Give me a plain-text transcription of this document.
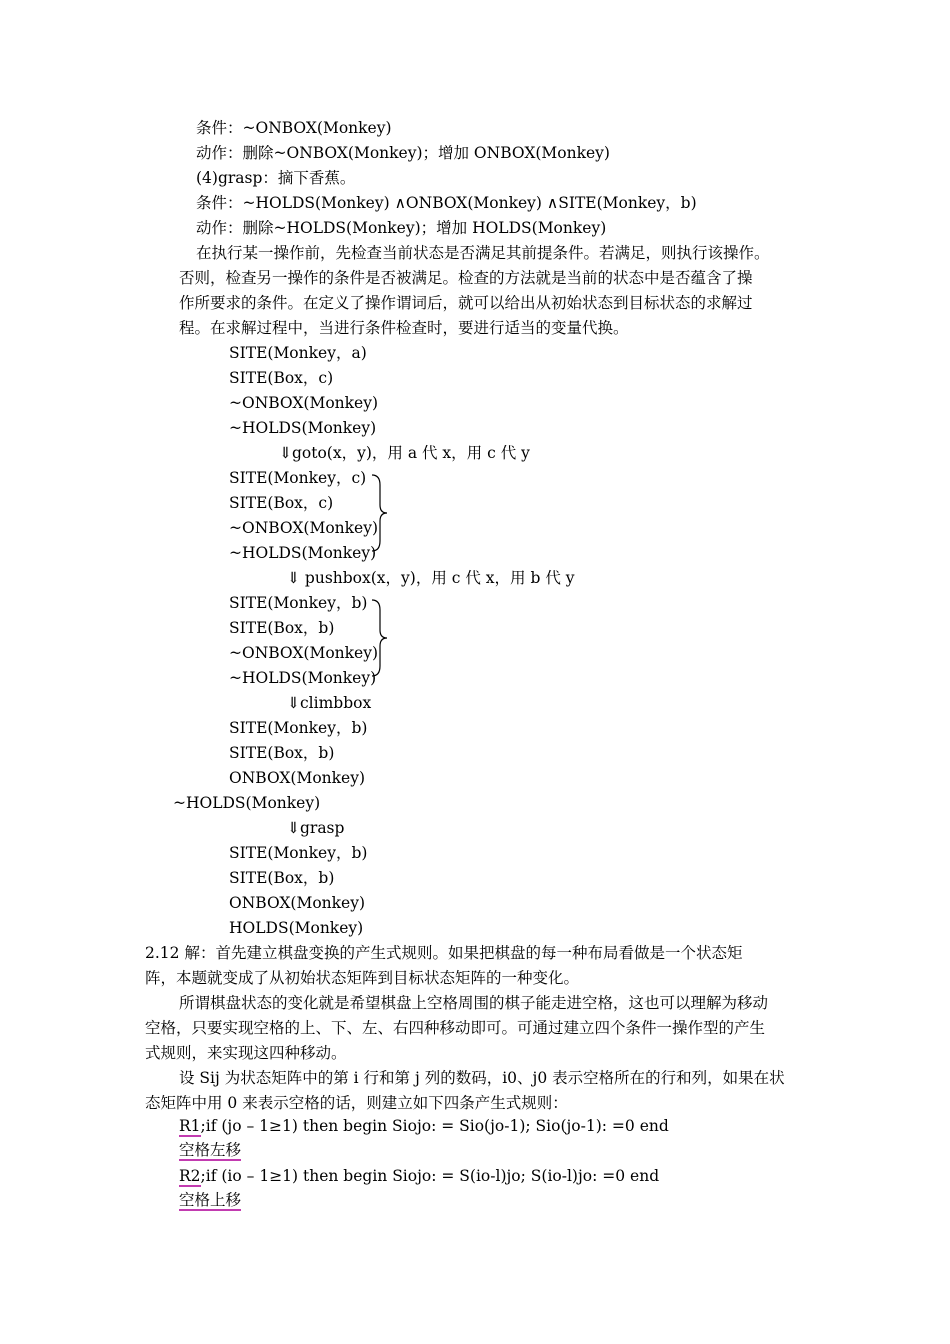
条件：~ONBOX(Monkey)
动作：删除~ONBOX(Monkey)；增加 ONBOX(Monkey)
(4)grasp：摘下香蕉。
条件：~HOLDS(Monkey) ∧ONBOX(Monkey) ∧SITE(Monkey，b)
动作：删除~HOLDS(Monkey)；增加 HOLDS(Monkey)
在执行某一操作前，先检查当前状态是否满足其前提条件。若满足，则执行该操作。
否则，检查另一操作的条件是否被满足。检查的方法就是当前的状态中是否蕴含了操
作所要求的条件。在定义了操作谓词后，就可以给出从初始状态到目标状态的求解过
程。在求解过程中，当进行条件检查时，要进行适当的变量代换。
SITE(Monkey，a)
SITE(Box，c)
~ONBOX(Monkey)
~HOLDS(Monkey)
⇓goto(x，y)，用 a 代 x，用 c 代 y
SITE(Monkey，c)
SITE(Box，c)
~ONBOX(Monkey)
~HOLDS(Monkey)
⇓ pushbox(x，y)，用 c 代 x，用 b 代 y
SITE(Monkey，b)
SITE(Box，b)
~ONBOX(Monkey)
~HOLDS(Monkey)
⇓climbbox
SITE(Monkey，b)
SITE(Box，b)
ONBOX(Monkey)
~HOLDS(Monkey)
⇓grasp
SITE(Monkey，b)
SITE(Box，b)
ONBOX(Monkey)
HOLDS(Monkey)
2.12 解：首先建立棋盘变换的产生式规则。如果把棋盘的每一种布局看做是一个状态矩
阵，本题就变成了从初始状态矩阵到目标状态矩阵的一种变化。
所谓棋盘状态的变化就是希望棋盘上空格周围的棋子能走进空格，这也可以理解为移动
空格，只要实现空格的上、下、左、右四种移动即可。可通过建立四个条件一操作型的产生
式规则，来实现这四种移动。
设 Sij 为状态矩阵中的第 i 行和第 j 列的数码，i0、j0 表示空格所在的行和列，如果在状
态矩阵中用 0 来表示空格的话，则建立如下四条产生式规则：
R1;if (jo – 1≥1) then begin Siojo: = Sio(jo-1); Sio(jo-1): =0 end
空格左移
R2;if (io – 1≥1) then begin Siojo: = S(io-l)jo; S(io-l)jo: =0 end
空格上移
